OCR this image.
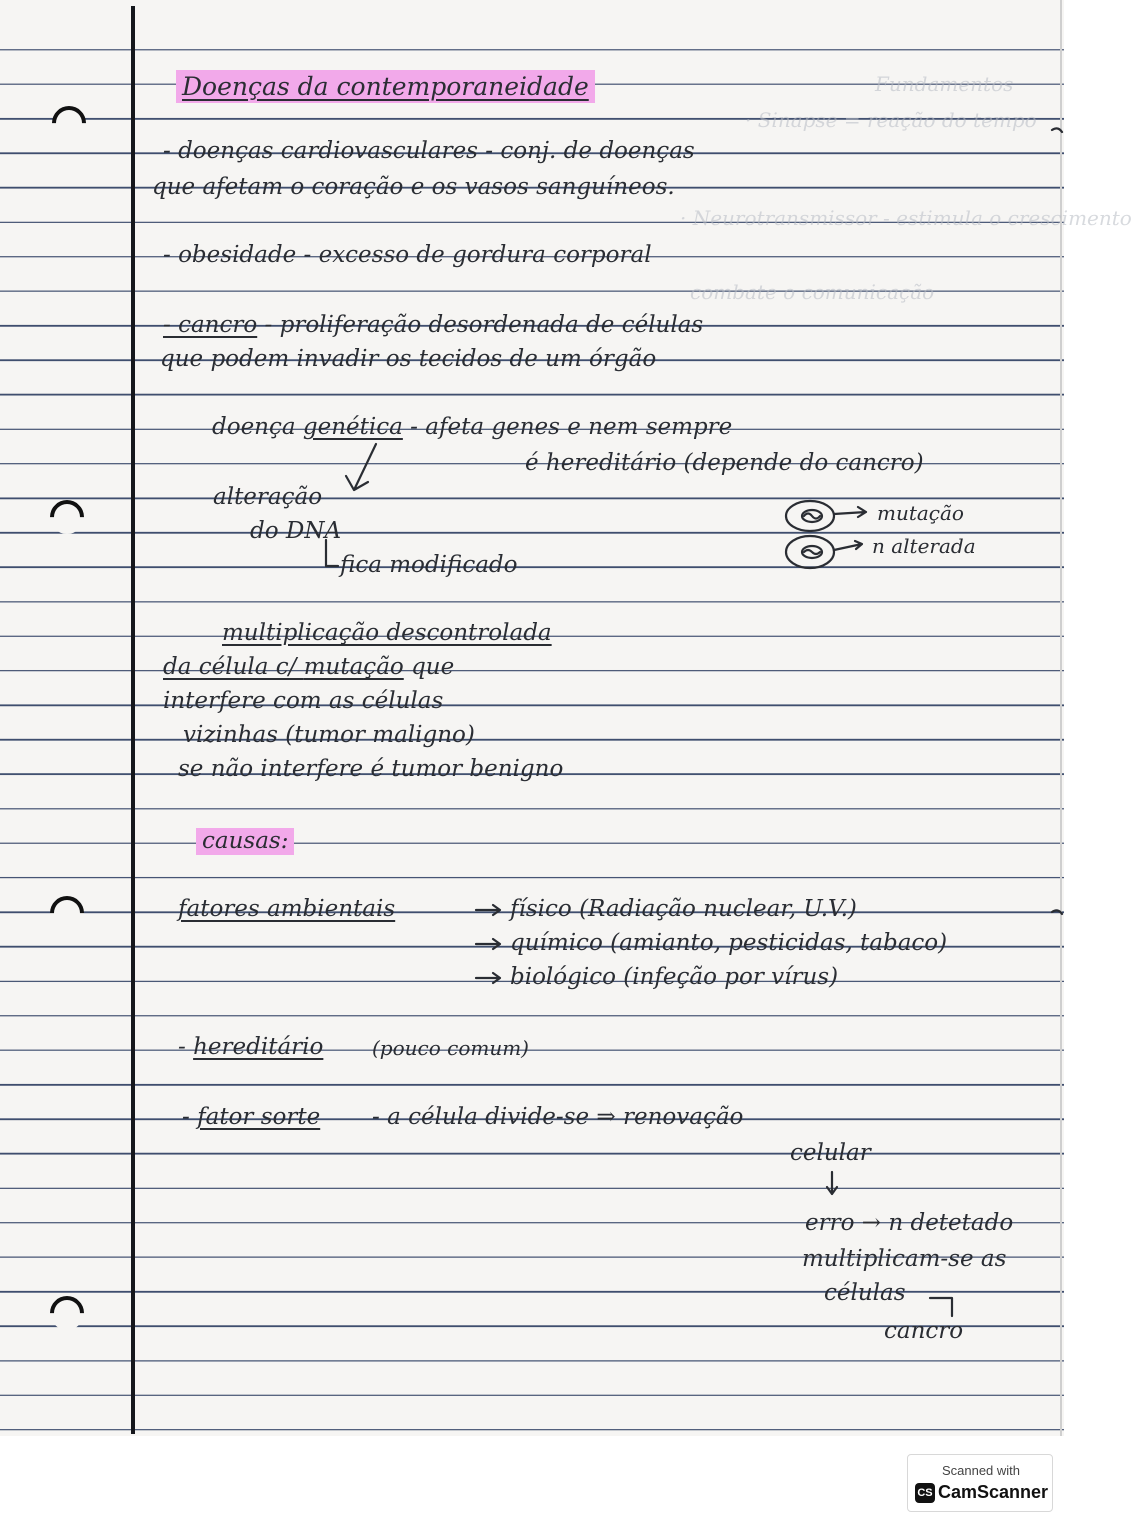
Fundamentos
· Sinapse = reação do tempo
· Neurotransmissor - estimula o crescimento
combate o comunicação
Doenças da contemporaneidade
- doenças cardiovasculares - conj. de doenças
que afetam o coração e os vasos sanguíneos.
- obesidade - excesso de gordura corporal
- cancro - proliferação desordenada de células
que podem invadir os tecidos de um órgão
doença genética - afeta genes e nem sempre
é hereditário (depende do cancro)
alteração
do DNA
fica modificado
mutação
n alterada
multiplicação descontrolada
da célula c/ mutação que
interfere com as células
vizinhas (tumor maligno)
se não interfere é tumor benigno
causas:
fatores ambientais	físico (Radiação nuclear, U.V.)
químico (amianto, pesticidas, tabaco)
biológico (infeção por vírus)
- hereditário (pouco comum)
- fator sorte - a célula divide-se ⇒ renovação
celular
erro → n detetado
multiplicam-se as
células
cancro
Scanned with
CS CamScanner
